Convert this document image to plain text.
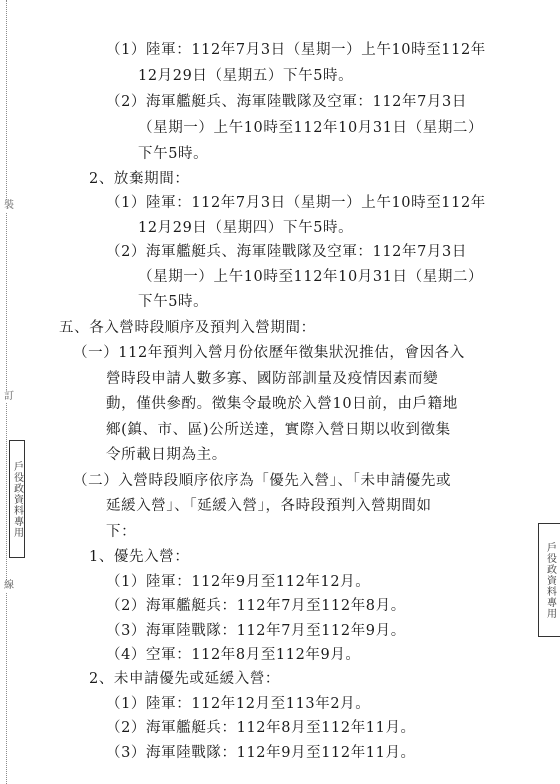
裝
訂
線
戶役政資料專用
戶役政資料專用
（1）陸軍：112年7月3日（星期一）上午10時至112年
12月29日（星期五）下午5時。
（2）海軍艦艇兵、海軍陸戰隊及空軍：112年7月3日
（星期一）上午10時至112年10月31日（星期二）
下午5時。
2、放棄期間：
（1）陸軍：112年7月3日（星期一）上午10時至112年
12月29日（星期四）下午5時。
（2）海軍艦艇兵、海軍陸戰隊及空軍：112年7月3日
（星期一）上午10時至112年10月31日（星期二）
下午5時。
五、各入營時段順序及預判入營期間：
（一）112年預判入營月份依歷年徵集狀況推估，會因各入
營時段申請人數多寡、國防部訓量及疫情因素而變
動，僅供參酌。徵集令最晚於入營10日前，由戶籍地
鄉(鎮、市、區)公所送達，實際入營日期以收到徵集
令所載日期為主。
（二）入營時段順序依序為「優先入營」、「未申請優先或
延緩入營」、「延緩入營」，各時段預判入營期間如
下：
1、優先入營：
（1）陸軍：112年9月至112年12月。
（2）海軍艦艇兵：112年7月至112年8月。
（3）海軍陸戰隊：112年7月至112年9月。
（4）空軍：112年8月至112年9月。
2、未申請優先或延緩入營：
（1）陸軍：112年12月至113年2月。
（2）海軍艦艇兵：112年8月至112年11月。
（3）海軍陸戰隊：112年9月至112年11月。
